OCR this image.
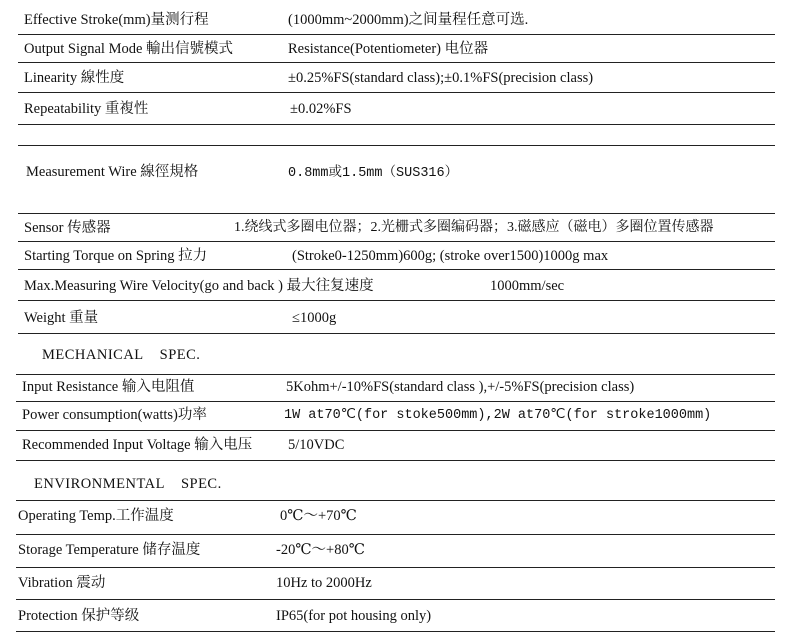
Effective Stroke(mm)量测行程	(1000mm~2000mm)之间量程任意可选.
Output Signal Mode 輸出信號模式	Resistance(Potentiometer) 电位器
Linearity 線性度	±0.25%FS(standard class);±0.1%FS(precision class)
Repeatability 重複性	±0.02%FS
Measurement Wire 線徑規格	0.8mm或1.5mm（SUS316）
Sensor 传感器	1.绕线式多圈电位器；2.光栅式多圈编码器；3.磁感应（磁电）多圈位置传感器
Starting Torque on Spring 拉力	(Stroke0-1250mm)600g; (stroke over1500)1000g max
Max.Measuring Wire Velocity(go and back ) 最大往复速度	1000mm/sec
Weight 重量	≤1000g
MECHANICAL    SPEC.
Input Resistance 输入电阻值	5Kohm+/-10%FS(standard class ),+/-5%FS(precision class)
Power consumption(watts)功率	1W at70℃(for stoke500mm),2W at70℃(for stroke1000mm)
Recommended Input Voltage 输入电压 5/10VDC
ENVIRONMENTAL    SPEC.
Operating Temp.工作温度	0℃～+70℃
Storage Temperature 储存温度	-20℃～+80℃
Vibration 震动	10Hz to 2000Hz
Protection 保护等级	IP65(for pot housing only)
